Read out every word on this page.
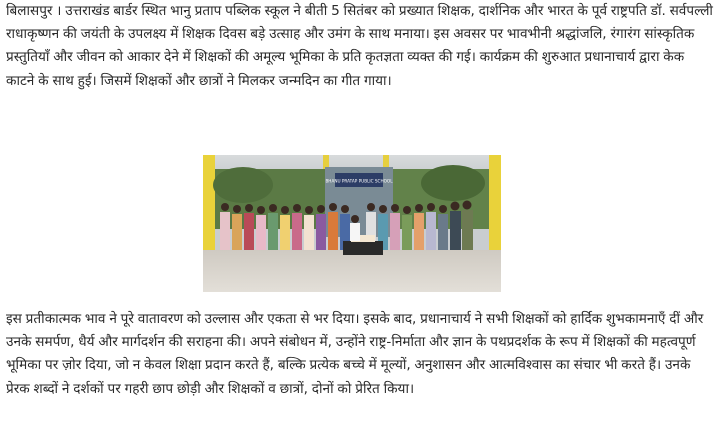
बिलासपुर । उत्तराखंड बार्डर स्थित भानु प्रताप पब्लिक स्कूल ने बीती 5 सितंबर को प्रख्यात शिक्षक, दार्शनिक और भारत के पूर्व राष्ट्रपति डॉ. सर्वपल्ली राधाकृष्णन की जयंती के उपलक्ष्य में शिक्षक दिवस बड़े उत्साह और उमंग के साथ मनाया। इस अवसर पर भावभीनी श्रद्धांजलि, रंगारंग सांस्कृतिक प्रस्तुतियाँ और जीवन को आकार देने में शिक्षकों की अमूल्य भूमिका के प्रति कृतज्ञता व्यक्त की गई। कार्यक्रम की शुरुआत प्रधानाचार्य द्वारा केक काटने के साथ हुई। जिसमें शिक्षकों और छात्रों ने मिलकर जन्मदिन का गीत गाया।

BHANU PRATAP PUBLIC SCHOOL

इस प्रतीकात्मक भाव ने पूरे वातावरण को उल्लास और एकता से भर दिया। इसके बाद, प्रधानाचार्य ने सभी शिक्षकों को हार्दिक शुभकामनाएँ दीं और उनके समर्पण, धैर्य और मार्गदर्शन की सराहना की। अपने संबोधन में, उन्होंने राष्ट्र-निर्माता और ज्ञान के पथप्रदर्शक के रूप में शिक्षकों की महत्वपूर्ण भूमिका पर ज़ोर दिया, जो न केवल शिक्षा प्रदान करते हैं, बल्कि प्रत्येक बच्चे में मूल्यों, अनुशासन और आत्मविश्वास का संचार भी करते हैं। उनके प्रेरक शब्दों ने दर्शकों पर गहरी छाप छोड़ी और शिक्षकों व छात्रों, दोनों को प्रेरित किया।
